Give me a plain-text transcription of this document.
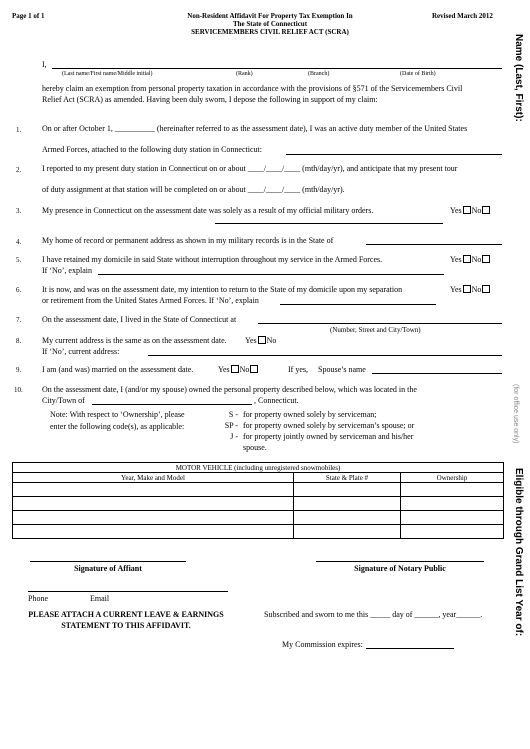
Page 1 of 1	Non-Resident Affidavit For Property Tax Exemption In
The State of Connecticut
SERVICEMEMBERS CIVIL RELIEF ACT (SCRA)
Revised March 2012
I,
(Last name/First name/Middle initial)	(Rank)	(Branch)	(Date of Birth)
hereby claim an exemption from personal property taxation in accordance with the provisions of §571 of the Servicemembers Civil
Relief Act (SCRA) as amended. Having been duly sworn, I depose the following in support of my claim:
1.	On or after October 1, __________ (hereinafter referred to as the assessment date), I was an active duty member of the United States
Armed Forces, attached to the following duty station in Connecticut:
2.	I reported to my present duty station in Connecticut on or about ____/____/____ (mth/day/yr), and anticipate that my present tour
of duty assignment at that station will be completed on or about ____/____/____ (mth/day/yr).
3.	My presence in Connecticut on the assessment date was solely as a result of my official military orders.	Yes No
4.	My home of record or permanent address as shown in my military records is in the State of
5.	I have retained my domicile in said State without interruption throughout my service in the Armed Forces.
If ‘No’, explain
Yes No
6.	It is now, and was on the assessment date, my intention to return to the State of my domicile upon my separation
or retirement from the United States Armed Forces. If ‘No’, explain
Yes No
7.	On the assessment date, I lived in the State of Connecticut at
(Number, Street and City/Town)
8.	My current address is the same as on the assessment date. Yes No
If ‘No’, current address:
9.	I am (and was) married on the assessment date.	Yes No	If yes, Spouse’s name
10. On the assessment date, I (and/or my spouse) owned the personal property described below, which was located in the
City/Town of	, Connecticut.
Note: With respect to ‘Ownership’, please
enter the following code(s), as applicable:
S - for property owned solely by serviceman;
SP - for property owned solely by serviceman’s spouse; or
J - for property jointly owned by serviceman and his/her
spouse.
MOTOR VEHICLE (including unregistered snowmobiles)		
Year, Make and Model	State & Plate #	Ownership

Signature of Affiant	Signature of Notary Public
Phone	Email
PLEASE ATTACH A CURRENT LEAVE & EARNINGS
STATEMENT TO THIS AFFIDAVIT.
Subscribed and sworn to me this _____ day of ______, year______.
My Commission expires:
Name (Last, First):
(for office use only)
Eligible through Grand List Year of:
